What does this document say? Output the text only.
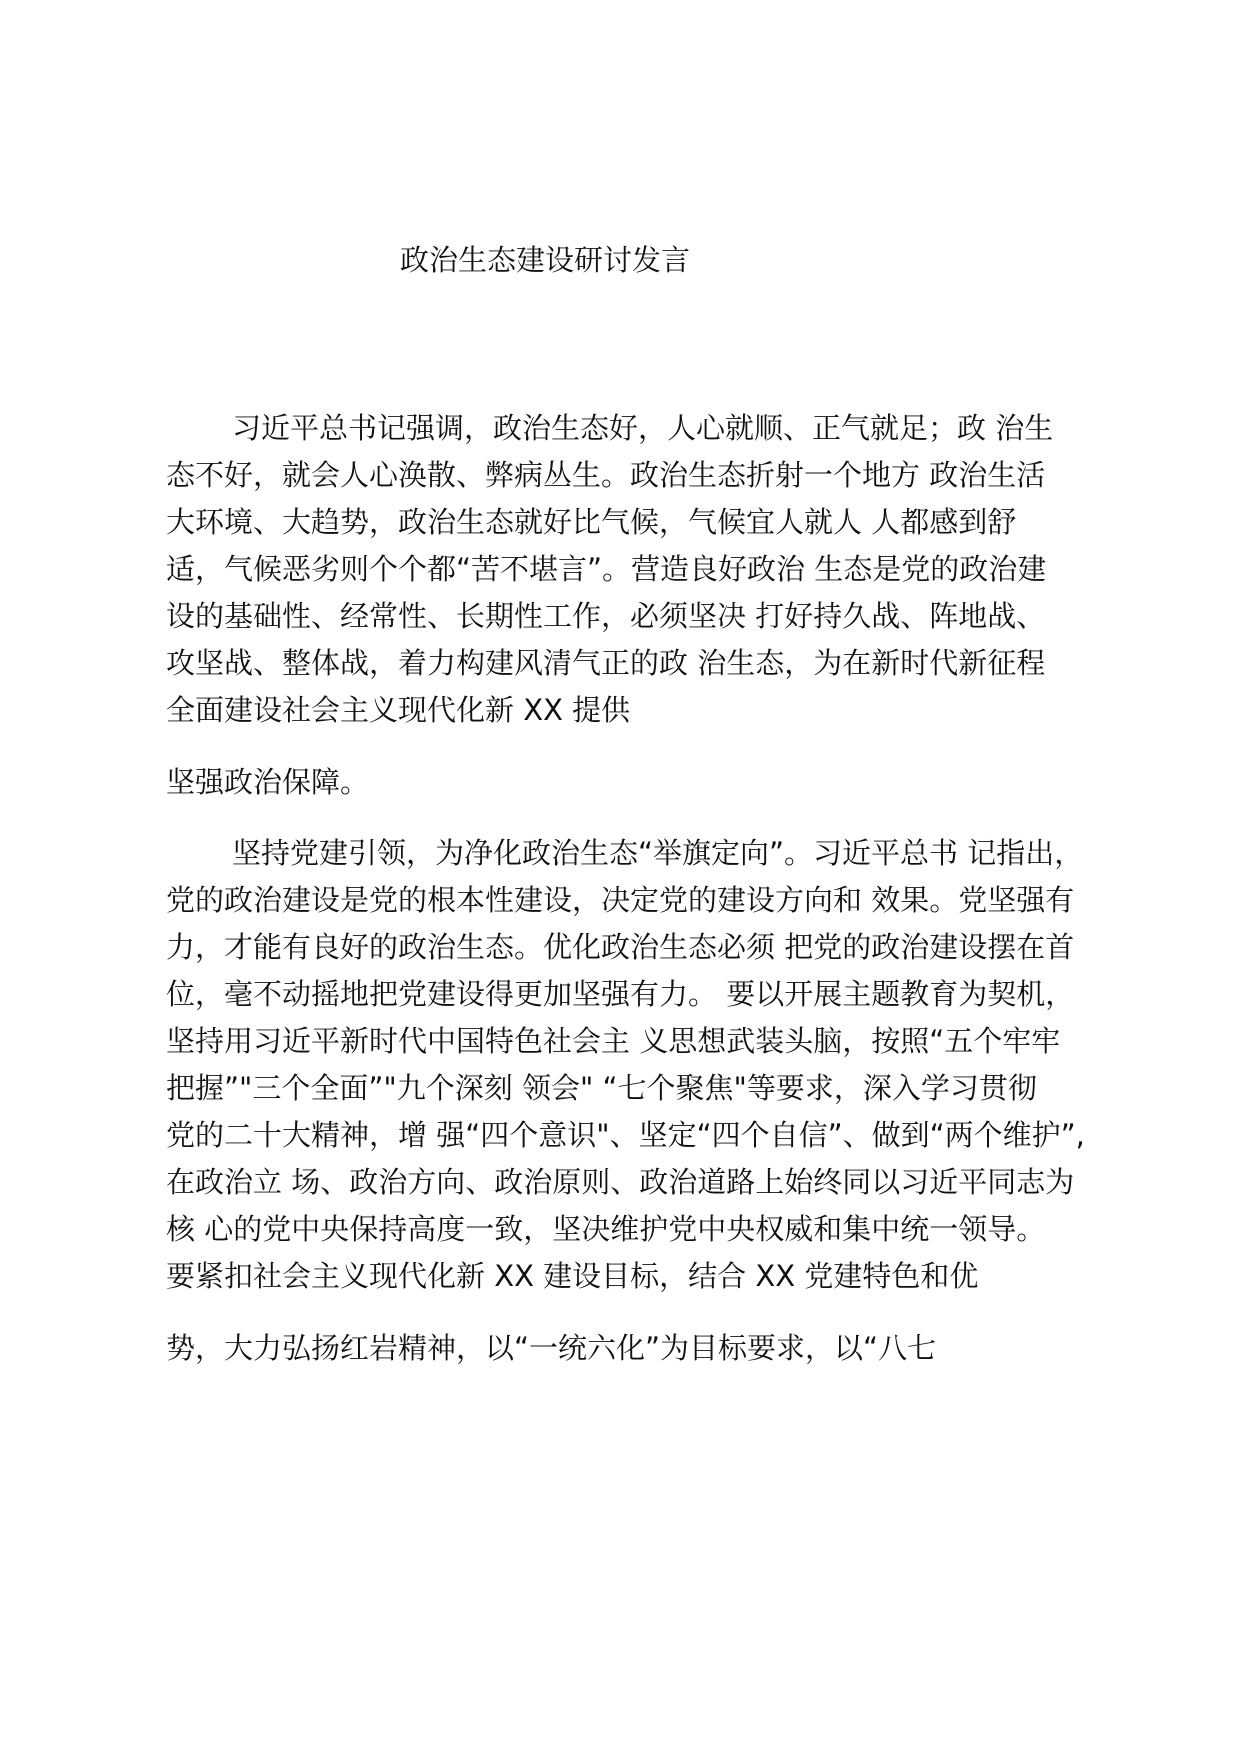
政治生态建设研讨发言
习近平总书记强调，政治生态好，人心就顺、正气就足；政 治生
态不好，就会人心涣散、弊病丛生。政治生态折射一个地方 政治生活
大环境、大趋势，政治生态就好比气候，气候宜人就人 人都感到舒
适，气候恶劣则个个都“苦不堪言”。营造良好政治 生态是党的政治建
设的基础性、经常性、长期性工作，必须坚决 打好持久战、阵地战、
攻坚战、整体战，着力构建风清气正的政 治生态，为在新时代新征程
全面建设社会主义现代化新 XX 提供
坚强政治保障。
坚持党建引领，为净化政治生态“举旗定向”。习近平总书 记指出，
党的政治建设是党的根本性建设，决定党的建设方向和 效果。党坚强有
力，才能有良好的政治生态。优化政治生态必须 把党的政治建设摆在首
位，毫不动摇地把党建设得更加坚强有力。 要以开展主题教育为契机，
坚持用习近平新时代中国特色社会主 义思想武装头脑，按照“五个牢牢
把握”"三个全面”"九个深刻 领会" “七个聚焦"等要求，深入学习贯彻
党的二十大精神，增 强“四个意识"、坚定“四个自信”、做到“两个维护”,
在政治立 场、政治方向、政治原则、政治道路上始终同以习近平同志为
核 心的党中央保持高度一致，坚决维护党中央权威和集中统一领导。
要紧扣社会主义现代化新 XX 建设目标，结合 XX 党建特色和优
势，大力弘扬红岩精神，以“一统六化”为目标要求，以“八七
